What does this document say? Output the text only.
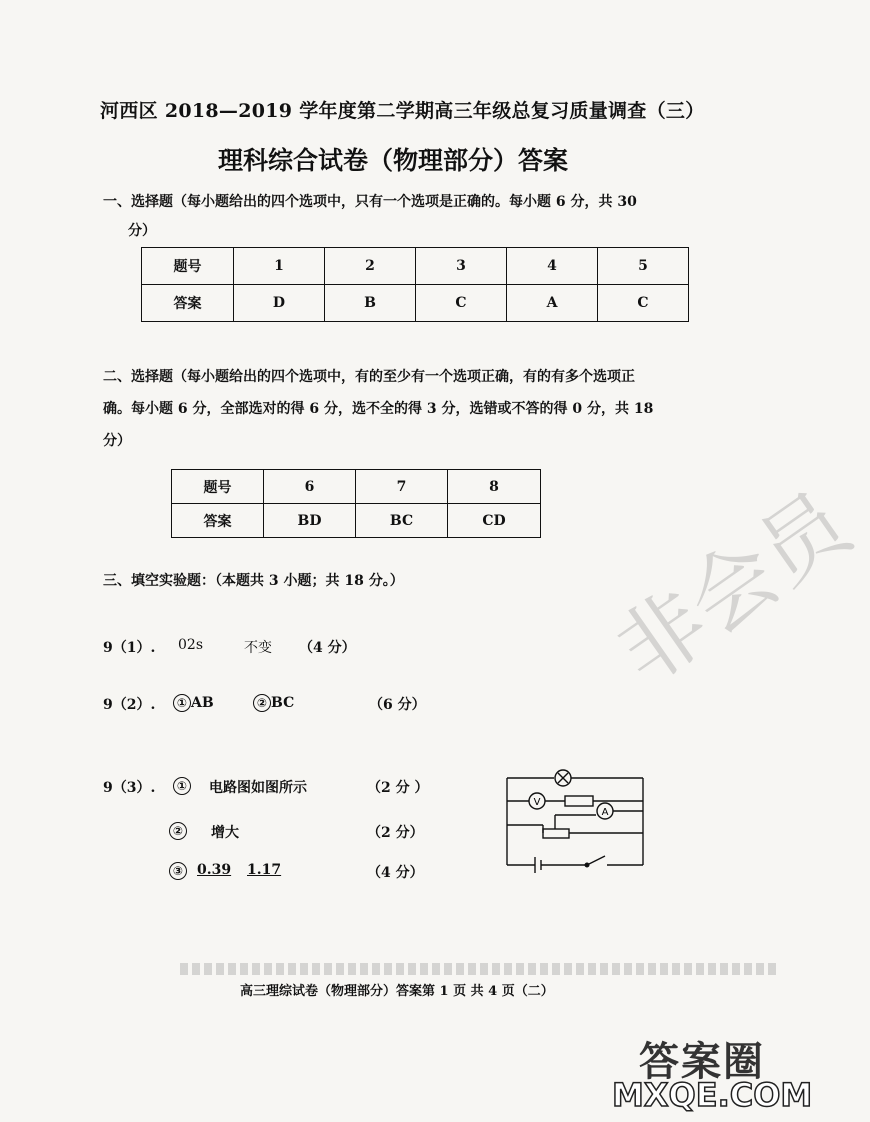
河西区 2018—2019 学年度第二学期高三年级总复习质量调查（三）
理科综合试卷（物理部分）答案
一、选择题（每小题给出的四个选项中，只有一个选项是正确的。每小题 6 分，共 30
分）
题号	1	2	3	4	5
答案	D	B	C	A	C
二、选择题（每小题给出的四个选项中，有的至少有一个选项正确，有的有多个选项正
确。每小题 6 分，全部选对的得 6 分，选不全的得 3 分，选错或不答的得 0 分，共 18
分）
题号	6	7	8
答案	BD	BC	CD
三、填空实验题：（本题共 3 小题；共 18 分。）
9（1）. 02s	不变 （4 分）
9（2）.	① AB	② BC	（6 分）
9（3）.	① 电路图如图所示	（2 分 ）
② 增大	（2 分）
③ 0.39 1.17	（4 分）
V
A
高三理综试卷（物理部分）答案第 1 页 共 4 页（二）
非会员
答案圈
MXQE.COM
